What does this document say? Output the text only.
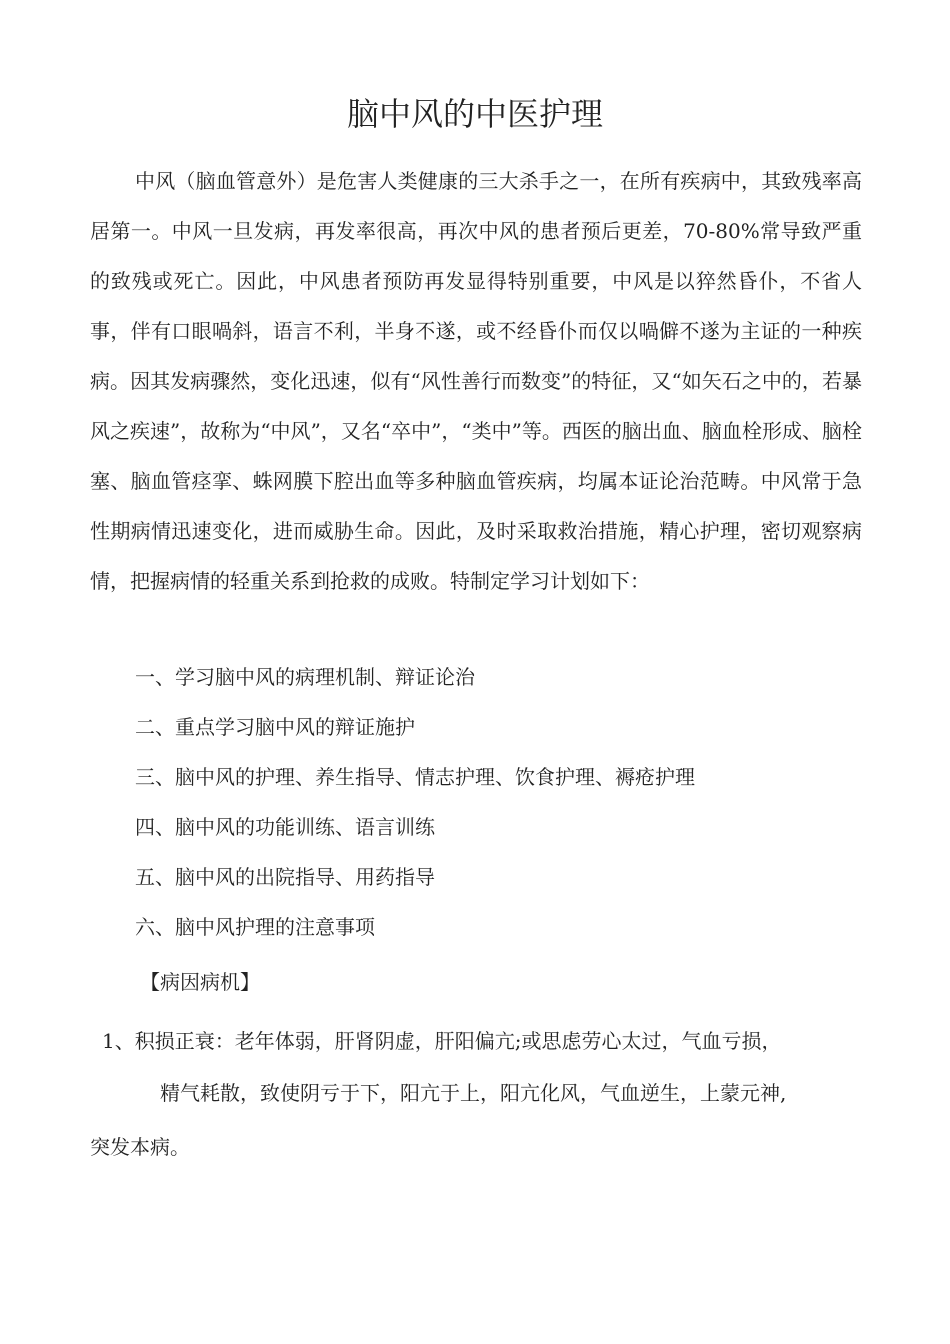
脑中风的中医护理

中风（脑血管意外）是危害人类健康的三大杀手之一，在所有疾病中，其致残率高居第一。中风一旦发病，再发率很高，再次中风的患者预后更差，70-80%常导致严重的致残或死亡。因此，中风患者预防再发显得特别重要，中风是以猝然昏仆，不省人事，伴有口眼喎斜，语言不利，半身不遂，或不经昏仆而仅以喎僻不遂为主证的一种疾病。因其发病骤然，变化迅速，似有“风性善行而数变”的特征，又“如矢石之中的，若暴风之疾速”，故称为“中风”，又名“卒中”，“类中”等。西医的脑出血、脑血栓形成、脑栓塞、脑血管痉挛、蛛网膜下腔出血等多种脑血管疾病，均属本证论治范畴。中风常于急性期病情迅速变化，进而威胁生命。因此，及时采取救治措施，精心护理，密切观察病情，把握病情的轻重关系到抢救的成败。特制定学习计划如下：

一、学习脑中风的病理机制、辩证论治
二、重点学习脑中风的辩证施护
三、脑中风的护理、养生指导、情志护理、饮食护理、褥疮护理
四、脑中风的功能训练、语言训练
五、脑中风的出院指导、用药指导
六、脑中风护理的注意事项

【病因病机】

1、积损正衰：老年体弱，肝肾阴虚，肝阳偏亢;或思虑劳心太过，气血亏损，

精气耗散，致使阴亏于下，阳亢于上，阳亢化风，气血逆生，上蒙元神,

突发本病。
